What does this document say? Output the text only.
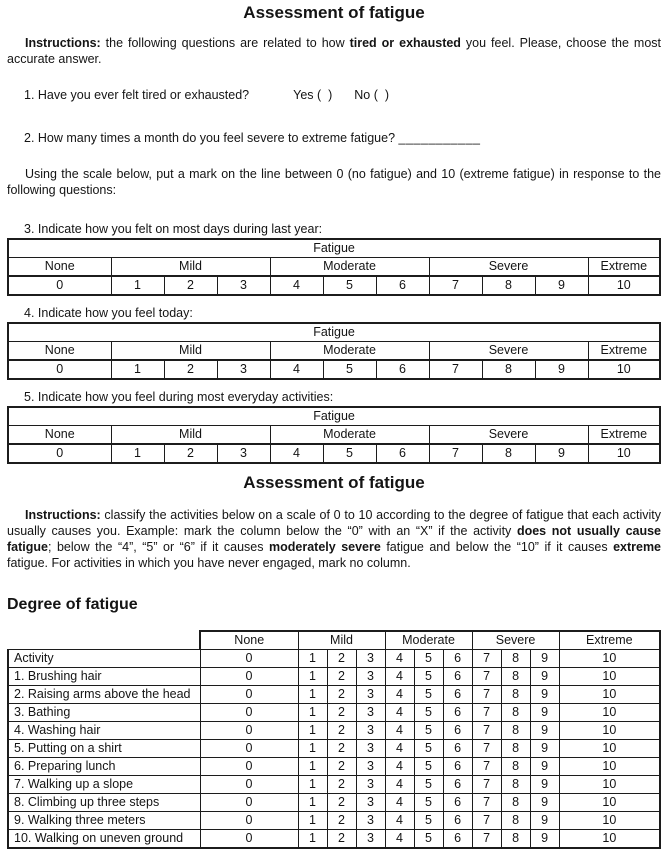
Assessment of fatigue

Instructions: the following questions are related to how tired or exhausted you feel. Please, choose the most accurate answer.

1. Have you ever felt tired or exhausted?	Yes (  ) No (  )

2. How many times a month do you feel severe to extreme fatigue? ___________

Using the scale below, put a mark on the line between 0 (no fatigue) and 10 (extreme fatigue) in response to the following questions:

3. Indicate how you felt on most days during last year:

Fatigue										
None	Mild			Moderate			Severe			Extreme
0	1	2	3	4	5	6	7	8	9	10

4. Indicate how you feel today:

Fatigue										
None	Mild			Moderate			Severe			Extreme
0	1	2	3	4	5	6	7	8	9	10

5. Indicate how you feel during most everyday activities:

Fatigue										
None	Mild			Moderate			Severe			Extreme
0	1	2	3	4	5	6	7	8	9	10
Assessment of fatigue

Instructions: classify the activities below on a scale of 0 to 10 according to the degree of fatigue that each activity usually causes you. Example: mark the column below the “0” with an “X” if the activity does not usually cause fatigue; below the “4”, “5” or “6” if it causes moderately severe fatigue and below the “10” if it causes extreme fatigue. For activities in which you have never engaged, mark no column.

Degree of fatigue
	None	Mild			Moderate			Severe			Extreme
Activity	0	1	2	3	4	5	6	7	8	9	10
1. Brushing hair	0	1	2	3	4	5	6	7	8	9	10
2. Raising arms above the head	0	1	2	3	4	5	6	7	8	9	10
3. Bathing	0	1	2	3	4	5	6	7	8	9	10
4. Washing hair	0	1	2	3	4	5	6	7	8	9	10
5. Putting on a shirt	0	1	2	3	4	5	6	7	8	9	10
6. Preparing lunch	0	1	2	3	4	5	6	7	8	9	10
7. Walking up a slope	0	1	2	3	4	5	6	7	8	9	10
8. Climbing up three steps	0	1	2	3	4	5	6	7	8	9	10
9. Walking three meters	0	1	2	3	4	5	6	7	8	9	10
10. Walking on uneven ground	0	1	2	3	4	5	6	7	8	9	10
